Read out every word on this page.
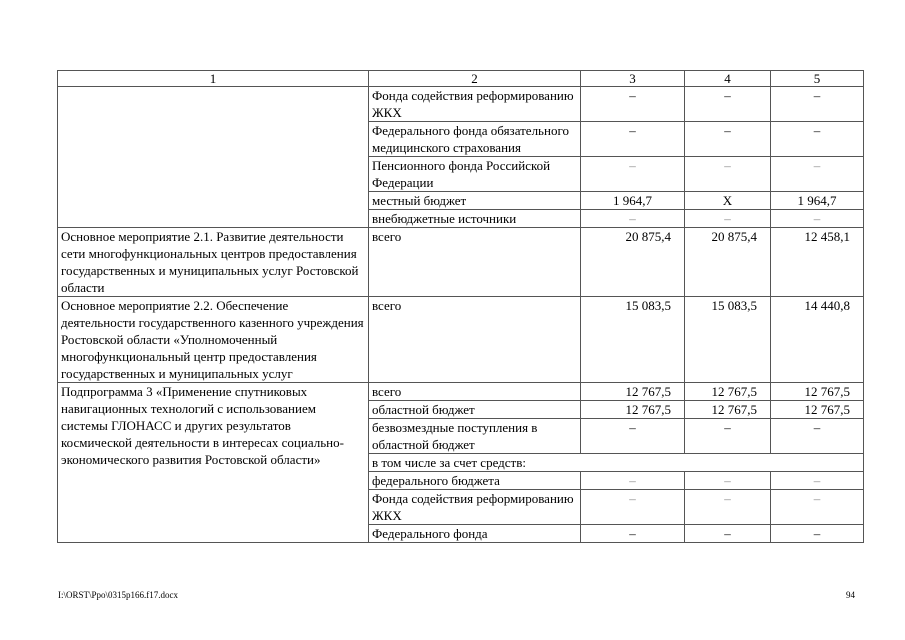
1	2	3	4	5
	Фонда содействия реформированию ЖКХ	–	–	–
	Федерального фонда обязательного медицинского страхования	–	–	–
	Пенсионного фонда Российской Федерации	–	–	–
	местный бюджет	1 964,7	Х	1 964,7
	внебюджетные источники	–	–	–
Основное мероприятие 2.1. Развитие деятельности сети многофункциональных центров предоставления государственных и муниципальных услуг Ростовской области	всего	20 875,4	20 875,4	12 458,1
Основное мероприятие 2.2. Обеспечение деятельности государственного казенного учреждения Ростовской области «Уполномоченный многофункциональный центр предоставления государственных и муниципальных услуг	всего	15 083,5	15 083,5	14 440,8
Подпрограмма 3 «Применение спутниковых навигационных технологий с использованием системы ГЛОНАСС и других результатов космической деятельности в интересах социально-экономического развития Ростовской области»	всего	12 767,5	12 767,5	12 767,5
	областной бюджет	12 767,5	12 767,5	12 767,5
	безвозмездные поступления в областной бюджет	–	–	–
	в том числе за счет средств:			
	федерального бюджета	–	–	–
	Фонда содействия реформированию ЖКХ	–	–	–
	Федерального фонда	–	–	–
I:\ORST\Ppo\0315p166.f17.docx	94
